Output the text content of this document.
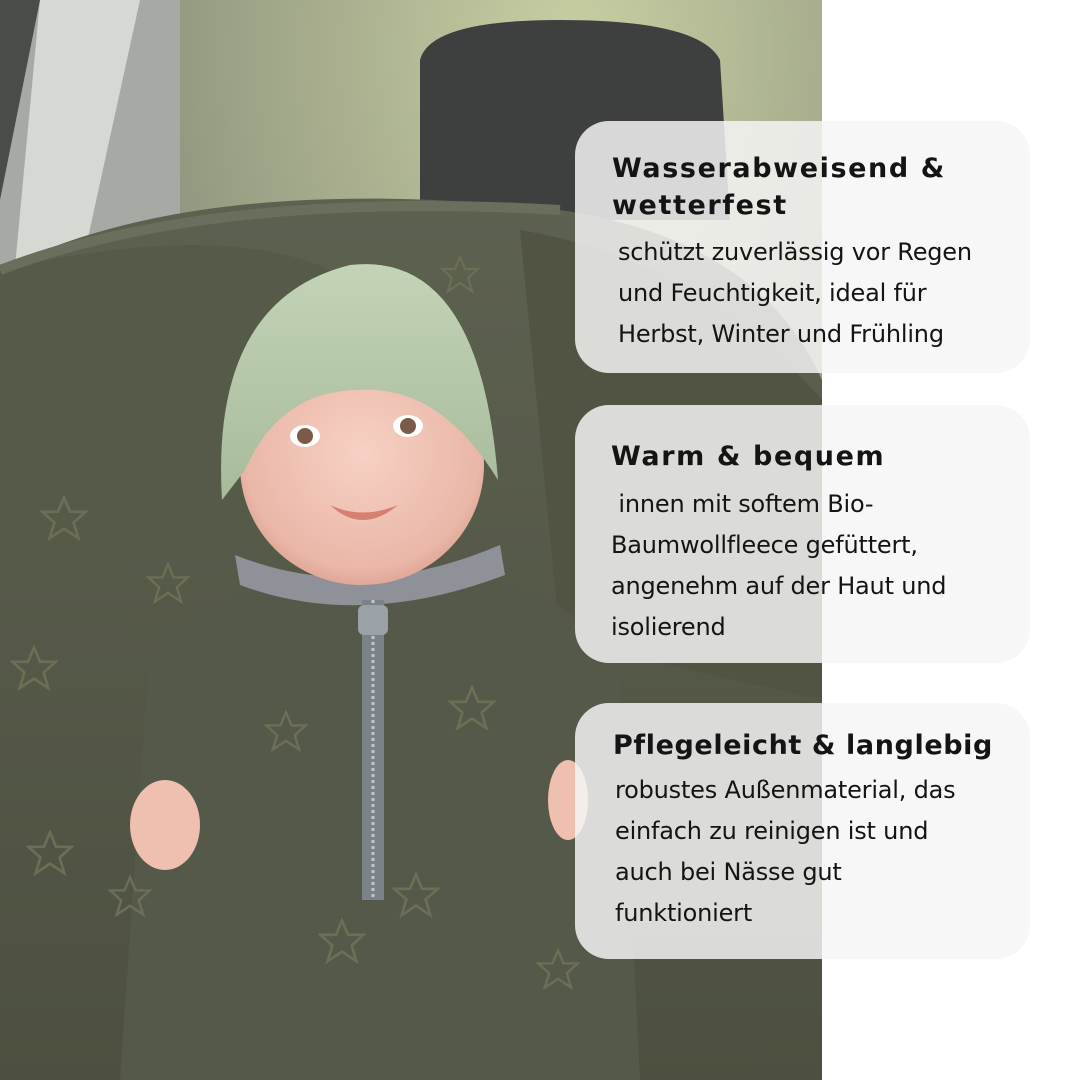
Wasserabweisend & wetterfest

schützt zuverlässig vor Regen

und Feuchtigkeit, ideal für

Herbst, Winter und Frühling

Warm & bequem

innen mit softem Bio-

Baumwollfleece gefüttert,

angenehm auf der Haut und

isolierend

Pflegeleicht & langlebig

robustes Außenmaterial, das

einfach zu reinigen ist und

auch bei Nässe gut

funktioniert
